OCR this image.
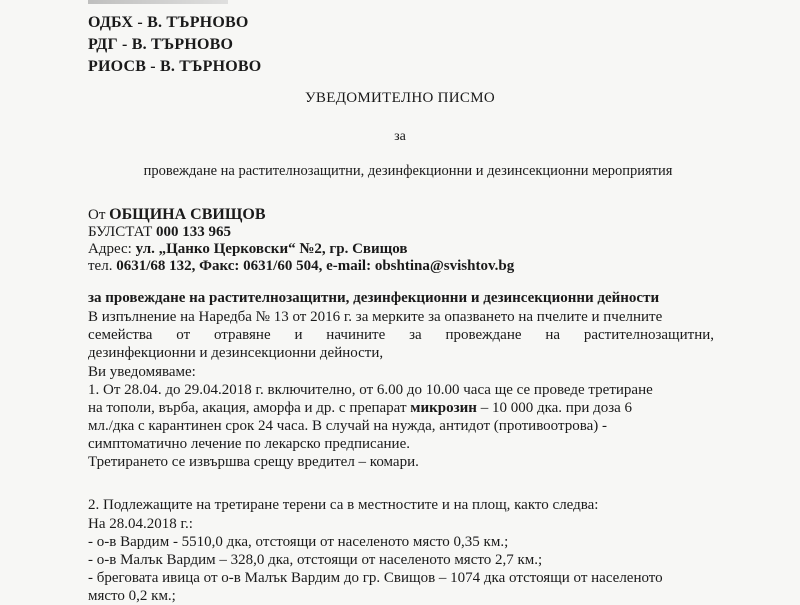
ОДБХ - В. ТЪРНОВО
РДГ - В. ТЪРНОВО
РИОСВ - В. ТЪРНОВО
УВЕДОМИТЕЛНО ПИСМО
за
провеждане на растителнозащитни, дезинфекционни и дезинсекционни мероприятия
От ОБЩИНА СВИЩОВ
БУЛСТАТ 000 133 965
Адрес: ул. „Цанко Церковски“ №2, гр. Свищов
тел. 0631/68 132, Факс: 0631/60 504, e-mail: obshtina@svishtov.bg
за провеждане на растителнозащитни, дезинфекционни и дезинсекционни дейности
В изпълнение на Наредба № 13 от 2016 г. за мерките за опазването на пчелите и пчелните
семейства от отравяне и начините за провеждане на растителнозащитни,
дезинфекционни и дезинсекционни дейности,
Ви уведомяваме:
1. От 28.04. до 29.04.2018 г. включително, от 6.00 до 10.00 часа ще се проведе третиране
на тополи, върба, акация, аморфа и др. с препарат микрозин – 10 000 дка. при доза 6
мл./дка с карантинен срок 24 часа. В случай на нужда, антидот (противоотрова) -
симптоматично лечение по лекарско предписание.
Третирането се извършва срещу вредител – комари.
2. Подлежащите на третиране терени са в местностите и на площ, както следва:
На 28.04.2018 г.:
- о-в Вардим - 5510,0 дка, отстоящи от населеното място 0,35 км.;
- о-в Малък Вардим – 328,0 дка, отстоящи от населеното място 2,7 км.;
- бреговата ивица от о-в Малък Вардим до гр. Свищов – 1074 дка отстоящи от населеното
място 0,2 км.;
